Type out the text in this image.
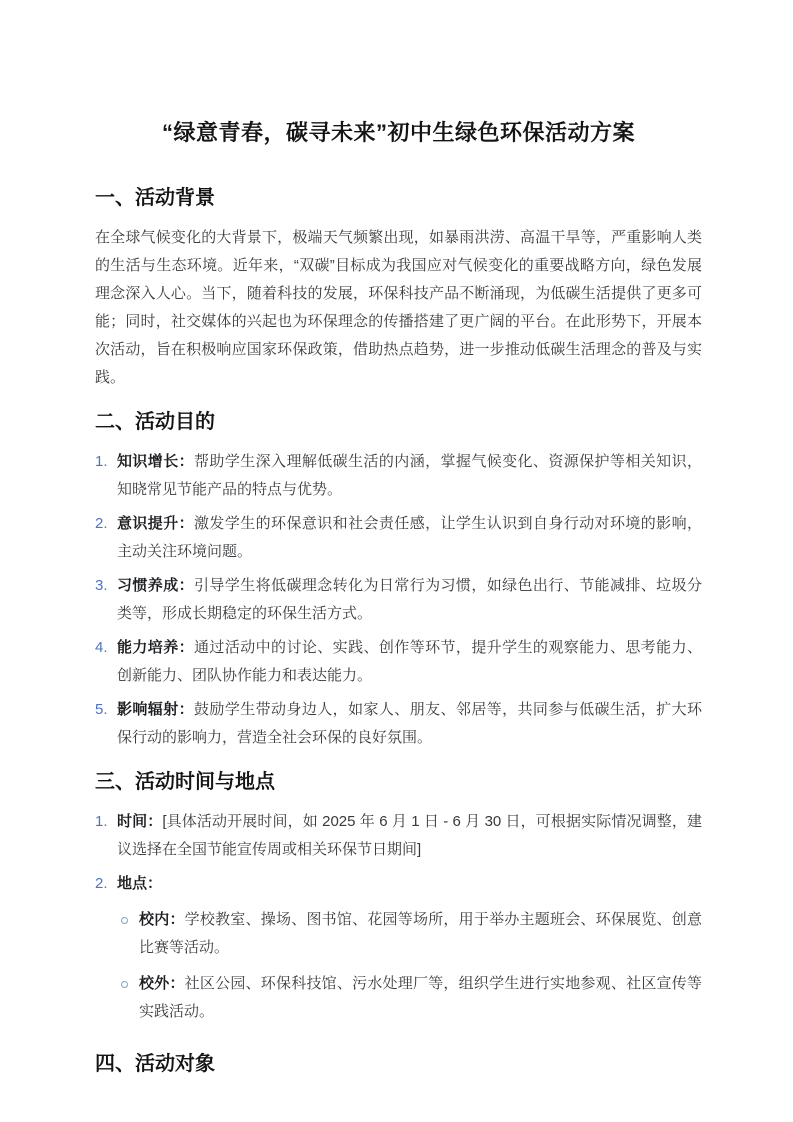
“绿意青春，碳寻未来”初中生绿色环保活动方案
一、活动背景

在全球气候变化的大背景下，极端天气频繁出现，如暴雨洪涝、高温干旱等，严重影响人类的生活与生态环境。近年来，“双碳”目标成为我国应对气候变化的重要战略方向，绿色发展理念深入人心。当下，随着科技的发展，环保科技产品不断涌现，为低碳生活提供了更多可能；同时，社交媒体的兴起也为环保理念的传播搭建了更广阔的平台。在此形势下，开展本次活动，旨在积极响应国家环保政策，借助热点趋势，进一步推动低碳生活理念的普及与实践。

二、活动目的
1. 知识增长：帮助学生深入理解低碳生活的内涵，掌握气候变化、资源保护等相关知识，知晓常见节能产品的特点与优势。
2. 意识提升：激发学生的环保意识和社会责任感，让学生认识到自身行动对环境的影响，主动关注环境问题。
3. 习惯养成：引导学生将低碳理念转化为日常行为习惯，如绿色出行、节能减排、垃圾分类等，形成长期稳定的环保生活方式。
4. 能力培养：通过活动中的讨论、实践、创作等环节，提升学生的观察能力、思考能力、创新能力、团队协作能力和表达能力。
5. 影响辐射：鼓励学生带动身边人，如家人、朋友、邻居等，共同参与低碳生活，扩大环保行动的影响力，营造全社会环保的良好氛围。
三、活动时间与地点
1. 时间：[具体活动开展时间，如 2025 年 6 月 1 日 - 6 月 30 日，可根据实际情况调整，建议选择在全国节能宣传周或相关环保节日期间]
2. 地点：
校内：学校教室、操场、图书馆、花园等场所，用于举办主题班会、环保展览、创意比赛等活动。
校外：社区公园、环保科技馆、污水处理厂等，组织学生进行实地参观、社区宣传等实践活动。
四、活动对象
